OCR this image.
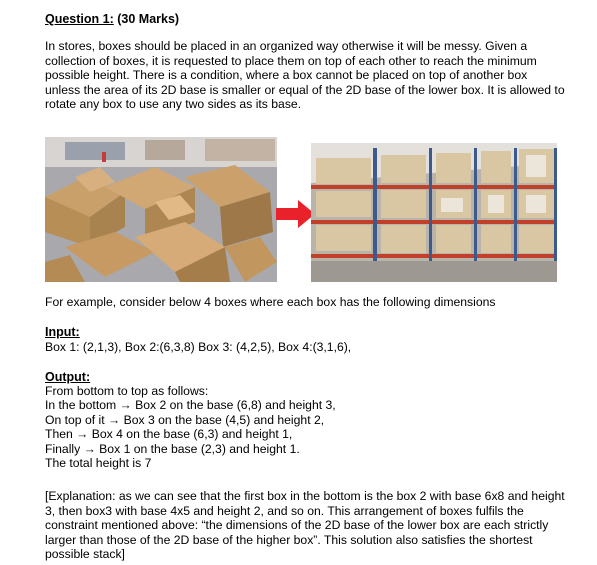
Question 1: (30 Marks)
In stores, boxes should be placed in an organized way otherwise it will be messy. Given a collection of boxes, it is requested to place them on top of each other to reach the minimum possible height. There is a condition, where a box cannot be placed on top of another box unless the area of its 2D base is smaller or equal of the 2D base of the lower box. It is allowed to rotate any box to use any two sides as its base.
For example, consider below 4 boxes where each box has the following dimensions
Input:
Box 1: (2,1,3), Box 2:(6,3,8) Box 3: (4,2,5), Box 4:(3,1,6),
Output:
From bottom to top as follows:
In the bottom → Box 2 on the base (6,8) and height 3,
On top of it → Box 3 on the base (4,5) and height 2,
Then → Box 4 on the base (6,3) and height 1,
Finally → Box 1 on the base (2,3) and height 1.
The total height is 7
[Explanation: as we can see that the first box in the bottom is the box 2 with base 6x8 and height 3, then box3 with base 4x5 and height 2, and so on. This arrangement of boxes fulfils the constraint mentioned above: “the dimensions of the 2D base of the lower box are each strictly larger than those of the 2D base of the higher box”. This solution also satisfies the shortest possible stack]
